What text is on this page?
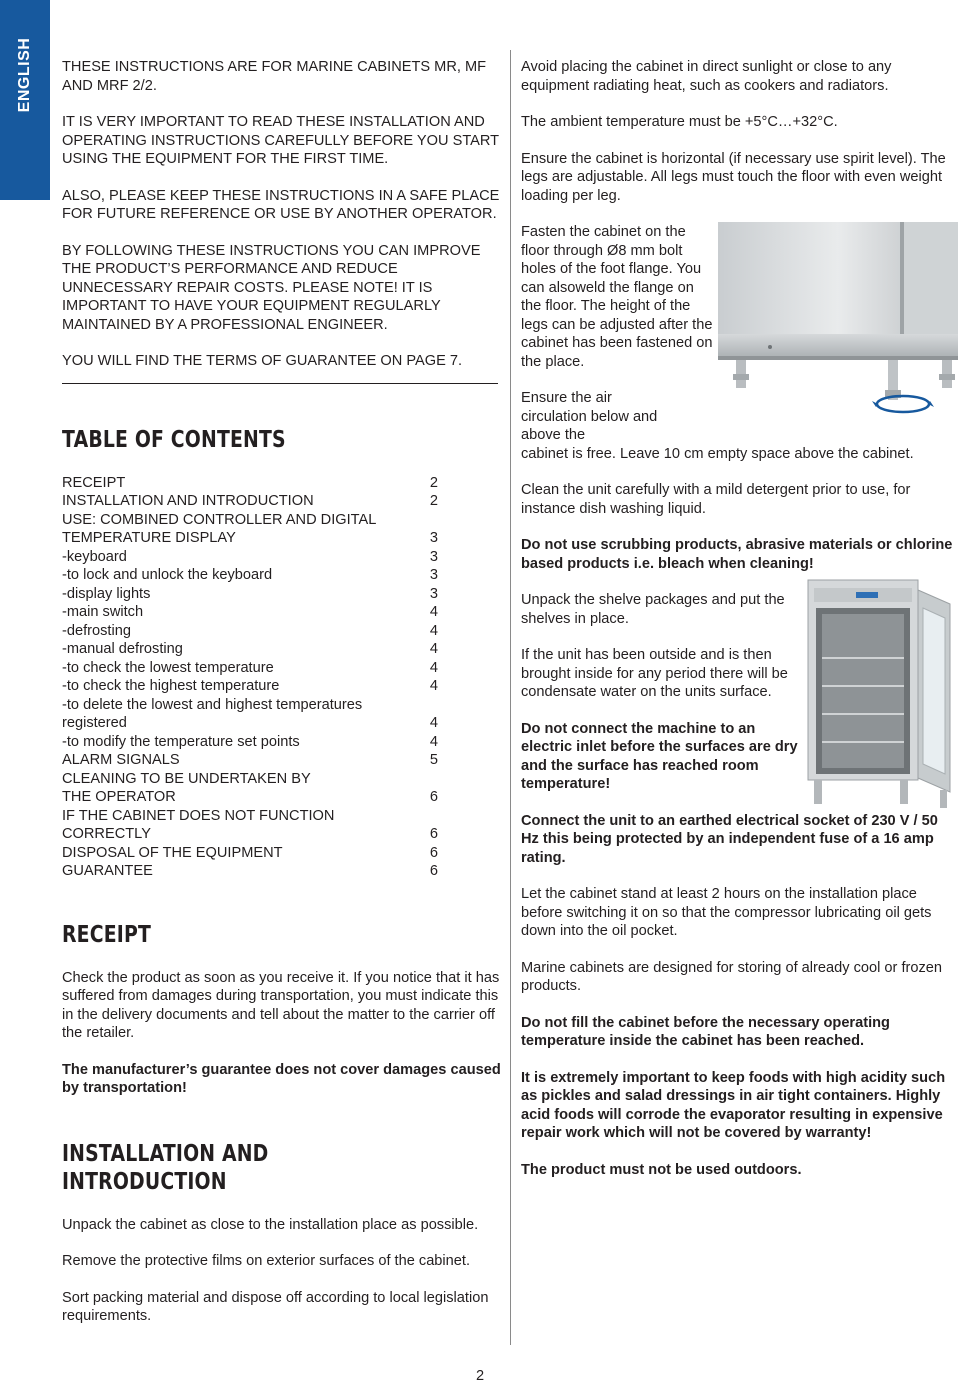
ENGLISH THESE INSTRUCTIONS ARE FOR MARINE CABINETS MR, MF AND MRF 2/2.

IT IS VERY IMPORTANT TO READ THESE INSTALLATION AND OPERATING INSTRUCTIONS CAREFULLY BEFORE YOU START USING THE EQUIPMENT FOR THE FIRST TIME.

ALSO, PLEASE KEEP THESE INSTRUCTIONS IN A SAFE PLACE FOR FUTURE REFERENCE OR USE BY ANOTHER OPERATOR.

BY FOLLOWING THESE INSTRUCTIONS YOU CAN IMPROVE THE PRODUCT’S PERFORMANCE AND REDUCE UNNECESSARY REPAIR COSTS. PLEASE NOTE! IT IS IMPORTANT TO HAVE YOUR EQUIPMENT REGULARLY MAINTAINED BY A PROFESSIONAL ENGINEER.

YOU WILL FIND THE TERMS OF GUARANTEE ON PAGE 7.

TABLE OF CONTENTS
RECEIPT	2
INSTALLATION AND INTRODUCTION	2
USE: COMBINED CONTROLLER AND DIGITAL
TEMPERATURE DISPLAY	3
-keyboard	3
-to lock and unlock the keyboard	3
-display lights	3
-main switch	4
-defrosting	4
-manual defrosting	4
-to check the lowest temperature	4
-to check the highest temperature	4
-to delete the lowest and highest temperatures
registered	4
-to modify the temperature set points	4
ALARM SIGNALS	5
CLEANING TO BE UNDERTAKEN BY
THE OPERATOR	6
IF THE CABINET DOES NOT FUNCTION
CORRECTLY	6
DISPOSAL OF THE EQUIPMENT	6
GUARANTEE	6
RECEIPT

Check the product as soon as you receive it. If you notice that it has suffered from damages during transportation, you must indicate this in the delivery documents and tell about the matter to the carrier off the retailer.

The manufacturer’s guarantee does not cover damages caused by transportation!

INSTALLATION AND INTRODUCTION

Unpack the cabinet as close to the installation place as possible.

Remove the protective films on exterior surfaces of the cabinet.

Sort packing material and dispose off according to local legislation requirements.

Avoid placing the cabinet in direct sunlight or close to any equipment radiating heat, such as cookers and radiators.

The ambient temperature must be +5°C…+32°C.

Ensure the cabinet is horizontal (if necessary use spirit level). The legs are adjustable. All legs must touch the floor with even weight loading per leg.

Fasten the cabinet on the floor through Ø8 mm bolt holes of the foot flange. You can alsoweld the flange on the floor. The height of the legs can be adjusted after the cabinet has been fastened on the place.

Ensure the air circulation below and above the
cabinet is free. Leave 10 cm empty space above the cabinet.

Clean the unit carefully with a mild detergent prior to use, for instance dish washing liquid.

Do not use scrubbing products, abrasive materials or chlorine based products i.e. bleach when cleaning!

Unpack the shelve packages and put the shelves in place.

If the unit has been outside and is then brought inside for any period there will be condensate water on the units surface.

Do not connect the machine to an electric inlet before the surfaces are dry and the surface has reached room temperature!

Connect the unit to an earthed electrical socket of 230 V / 50 Hz this being protected by an independent fuse of a 16 amp rating.

Let the cabinet stand at least 2 hours on the installation place before switching it on so that the compressor lubricating oil gets down into the oil pocket.

Marine cabinets are designed for storing of already cool or frozen products.

Do not fill the cabinet before the necessary operating temperature inside the cabinet has been reached.

It is extremely important to keep foods with high acidity such as pickles and salad dressings in air tight containers. Highly acid foods will corrode the evaporator resulting in expensive repair work which will not be covered by warranty!

The product must not be used outdoors.

2
